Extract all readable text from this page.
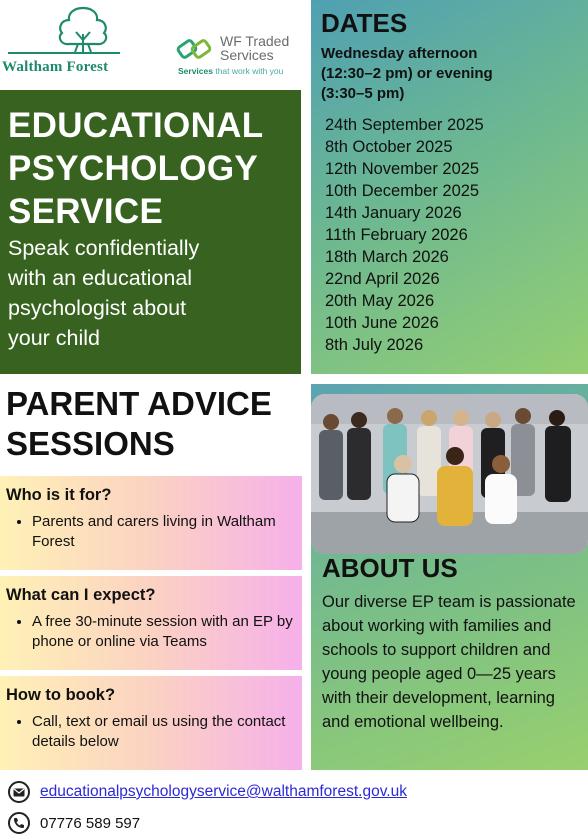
Waltham Forest
WF Traded
Services
Services that work with you
EDUCATIONAL
PSYCHOLOGY
SERVICE

Speak confidentially
with an educational
psychologist about
your child

DATES

Wednesday afternoon
(12:30–2 pm) or evening
(3:30–5 pm)

24th September 2025
8th October 2025
12th November 2025
10th December 2025
14th January 2026
11th February 2026
18th March 2026
22nd April 2026
20th May 2026
10th June 2026
8th July 2026
PARENT ADVICE
SESSIONS
Who is it for?
• Parents and carers living in Waltham Forest
What can I expect?
• A free 30-minute session with an EP by phone or online via Teams
How to book?
• Call, text or email us using the contact details below
ABOUT US

Our diverse EP team is passionate about working with families and schools to support children and young people aged 0—25 years with their development, learning and emotional wellbeing.

educationalpsychologyservice@walthamforest.gov.uk
07776 589 597
